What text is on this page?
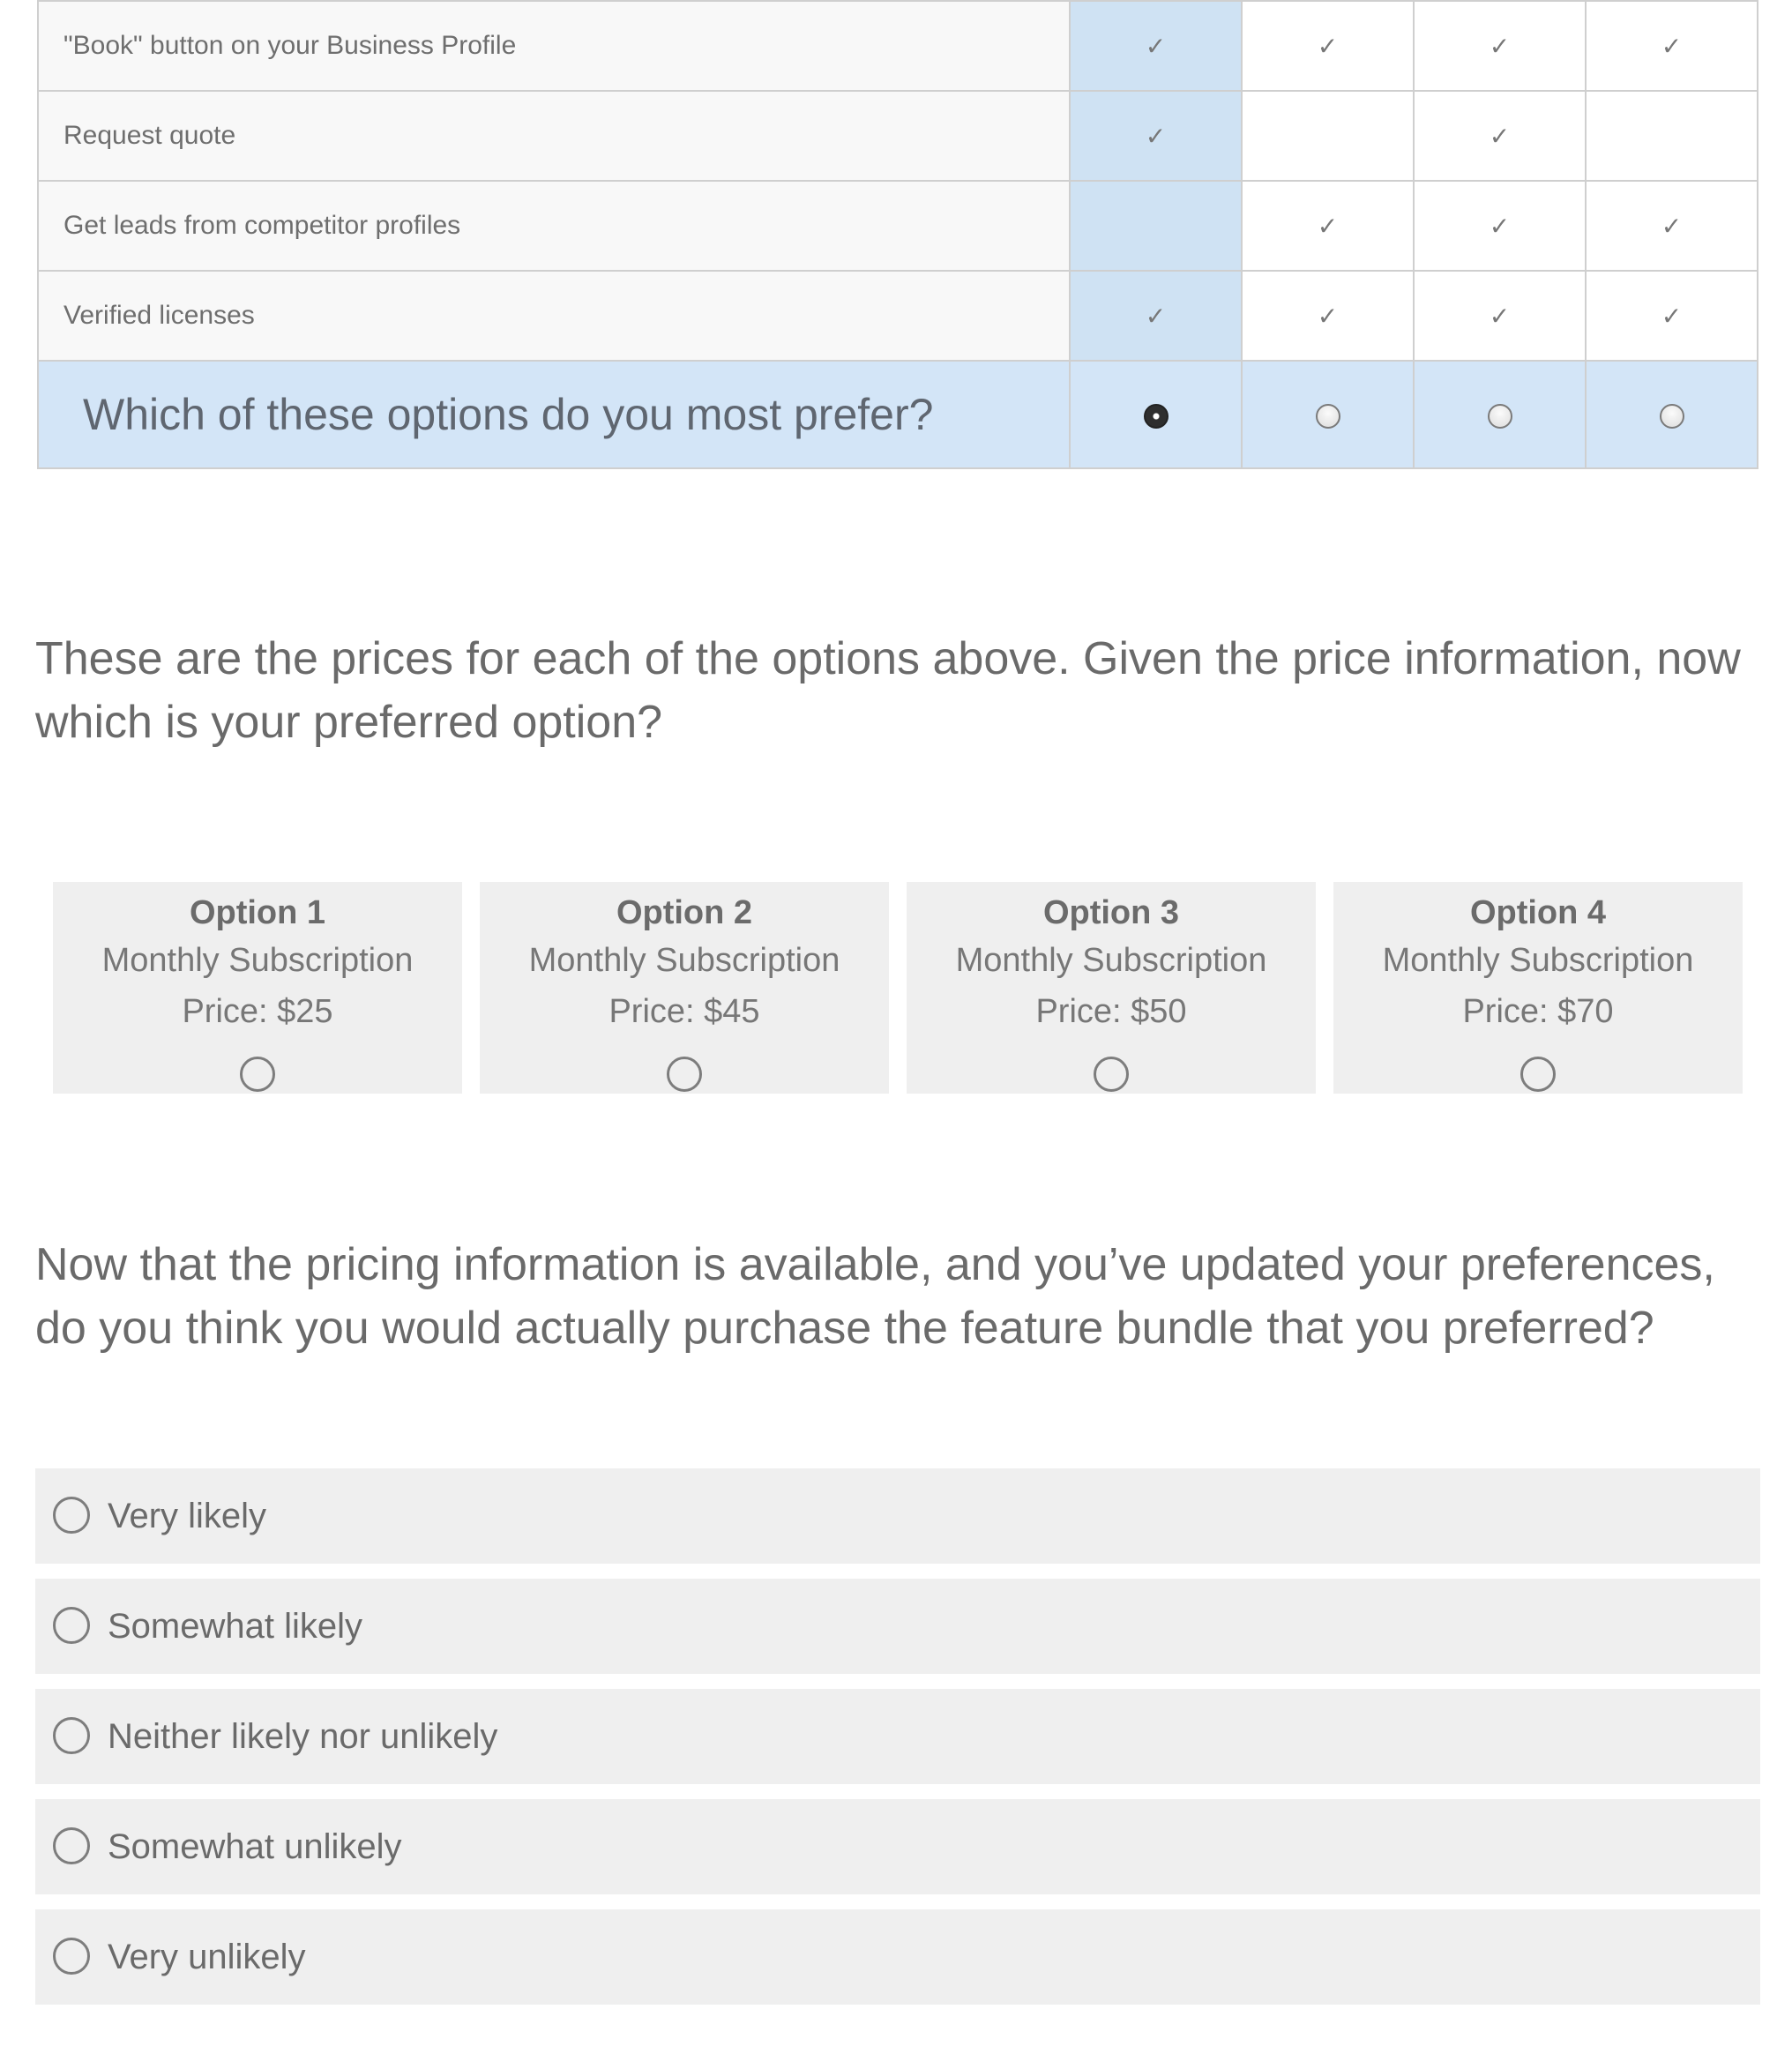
"Book" button on your Business Profile	✓	✓	✓	✓
Request quote	✓		✓	
Get leads from competitor profiles		✓	✓	✓
Verified licenses	✓	✓	✓	✓
Which of these options do you most prefer?				

These are the prices for each of the options above. Given the price information, now which is your preferred option?

Option 1
Monthly Subscription
Price: $25
Option 2
Monthly Subscription
Price: $45
Option 3
Monthly Subscription
Price: $50
Option 4
Monthly Subscription
Price: $70

Now that the pricing information is available, and you’ve updated your preferences, do you think you would actually purchase the feature bundle that you preferred?

Very likely
Somewhat likely
Neither likely nor unlikely
Somewhat unlikely
Very unlikely
